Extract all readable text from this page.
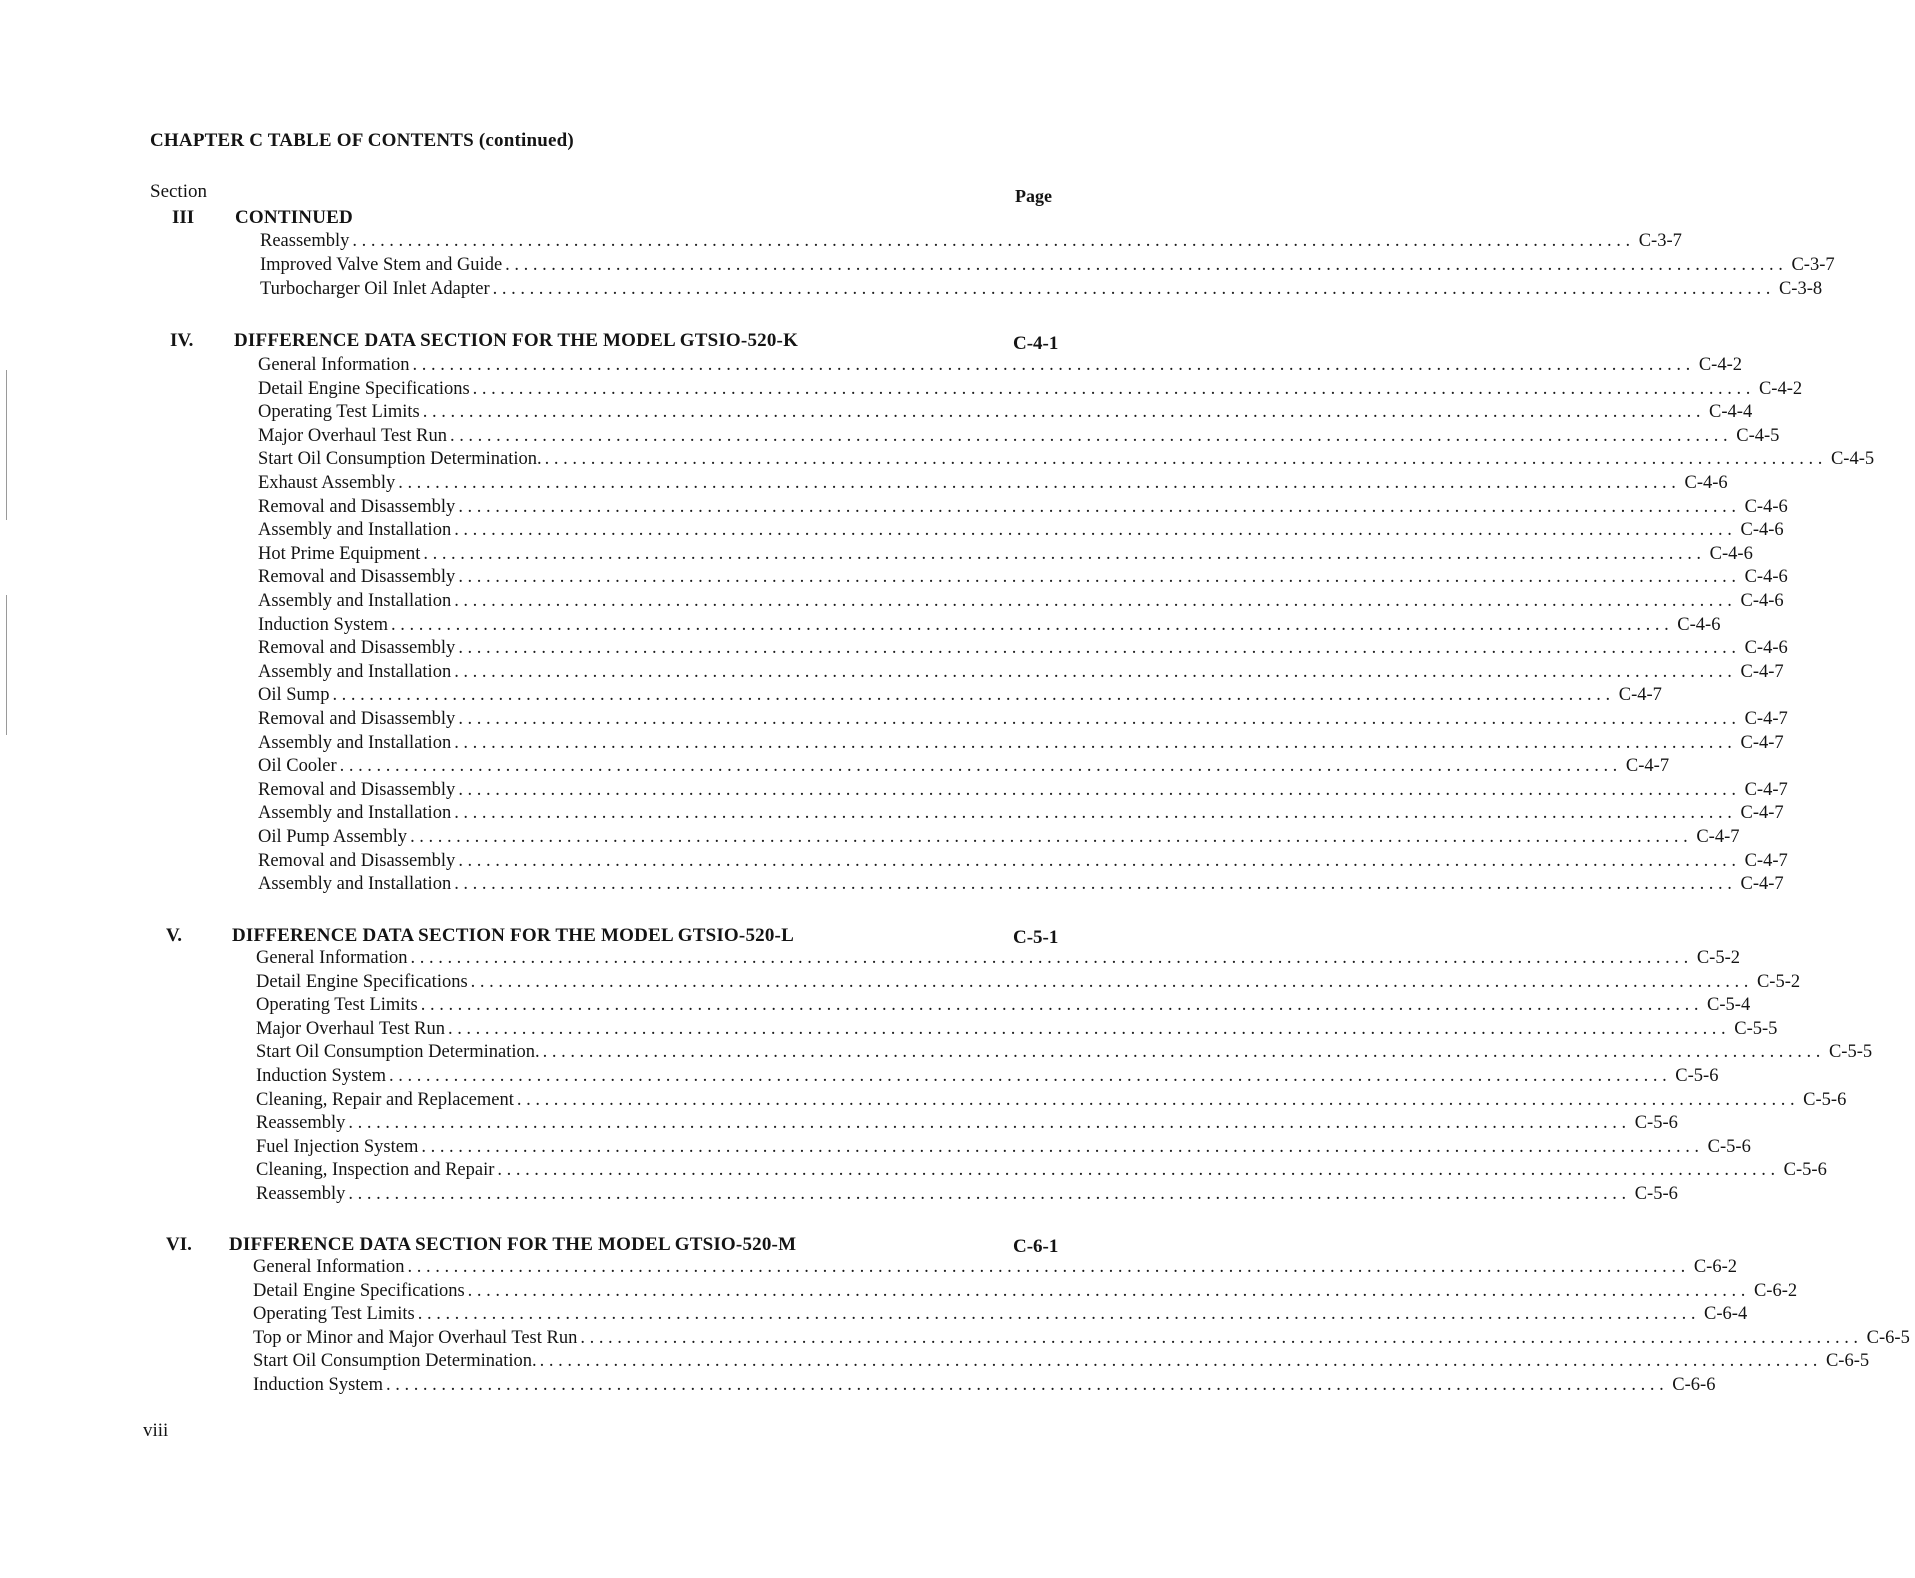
CHAPTER C TABLE OF CONTENTS (continued)
Section	Page
III CONTINUED
Reassembly ........................................................................................................................................... C-3-7
Improved Valve Stem and Guide ........................................................................................................................................... C-3-7
Turbocharger Oil Inlet Adapter ........................................................................................................................................... C-3-8
IV. DIFFERENCE DATA SECTION FOR THE MODEL GTSIO-520-K	C-4-1
General Information ........................................................................................................................................... C-4-2
Detail Engine Specifications ........................................................................................................................................... C-4-2
Operating Test Limits ........................................................................................................................................... C-4-4
Major Overhaul Test Run ........................................................................................................................................... C-4-5
Start Oil Consumption Determination. ........................................................................................................................................... C-4-5
Exhaust Assembly ........................................................................................................................................... C-4-6
Removal and Disassembly ........................................................................................................................................... C-4-6
Assembly and Installation ........................................................................................................................................... C-4-6
Hot Prime Equipment ........................................................................................................................................... C-4-6
Removal and Disassembly ........................................................................................................................................... C-4-6
Assembly and Installation ........................................................................................................................................... C-4-6
Induction System ........................................................................................................................................... C-4-6
Removal and Disassembly ........................................................................................................................................... C-4-6
Assembly and Installation ........................................................................................................................................... C-4-7
Oil Sump ........................................................................................................................................... C-4-7
Removal and Disassembly ........................................................................................................................................... C-4-7
Assembly and Installation ........................................................................................................................................... C-4-7
Oil Cooler ........................................................................................................................................... C-4-7
Removal and Disassembly ........................................................................................................................................... C-4-7
Assembly and Installation ........................................................................................................................................... C-4-7
Oil Pump Assembly ........................................................................................................................................... C-4-7
Removal and Disassembly ........................................................................................................................................... C-4-7
Assembly and Installation ........................................................................................................................................... C-4-7
V.	DIFFERENCE DATA SECTION FOR THE MODEL GTSIO-520-L	C-5-1
General Information ........................................................................................................................................... C-5-2
Detail Engine Specifications ........................................................................................................................................... C-5-2
Operating Test Limits ........................................................................................................................................... C-5-4
Major Overhaul Test Run ........................................................................................................................................... C-5-5
Start Oil Consumption Determination. ........................................................................................................................................... C-5-5
Induction System ........................................................................................................................................... C-5-6
Cleaning, Repair and Replacement ........................................................................................................................................... C-5-6
Reassembly ........................................................................................................................................... C-5-6
Fuel Injection System ........................................................................................................................................... C-5-6
Cleaning, Inspection and Repair ........................................................................................................................................... C-5-6
Reassembly ........................................................................................................................................... C-5-6
VI. DIFFERENCE DATA SECTION FOR THE MODEL GTSIO-520-M	C-6-1
General Information ........................................................................................................................................... C-6-2
Detail Engine Specifications ........................................................................................................................................... C-6-2
Operating Test Limits ........................................................................................................................................... C-6-4
Top or Minor and Major Overhaul Test Run ........................................................................................................................................... C-6-5
Start Oil Consumption Determination. ........................................................................................................................................... C-6-5
Induction System ........................................................................................................................................... C-6-6
viii
